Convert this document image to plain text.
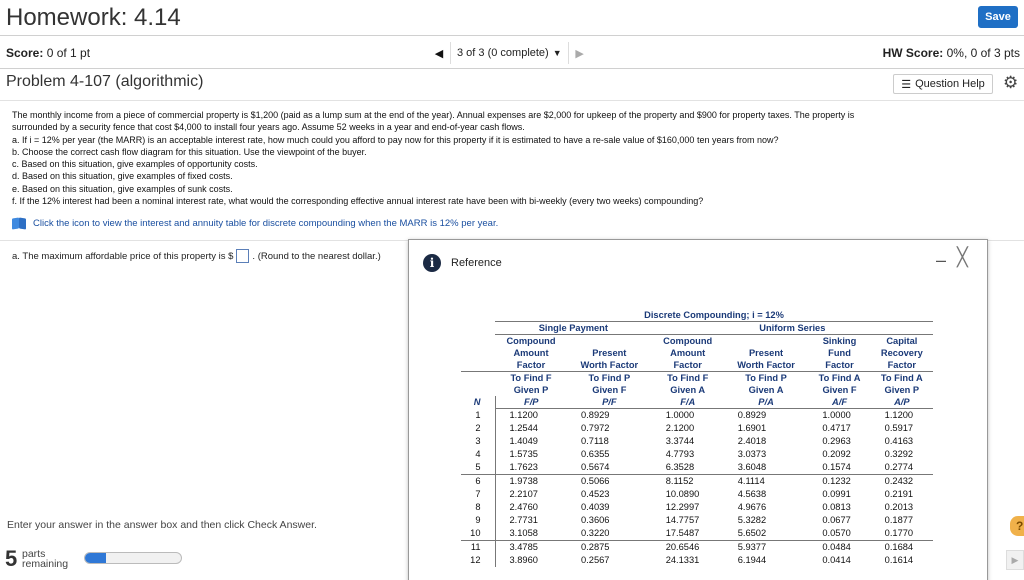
Homework: 4.14	Save
Score: 0 of 1 pt	◀	3 of 3 (0 complete) ▼	▶	HW Score: 0%, 0 of 3 pts
Problem 4-107 (algorithmic)	☰ Question Help ⚙

The monthly income from a piece of commercial property is $1,200 (paid as a lump sum at the end of the year). Annual expenses are $2,000 for upkeep of the property and $900 for property taxes. The property is

surrounded by a security fence that cost $4,000 to install four years ago. Assume 52 weeks in a year and end-of-year cash flows.

a. If i = 12% per year (the MARR) is an acceptable interest rate, how much could you afford to pay now for this property if it is estimated to have a re-sale value of $160,000 ten years from now?

b. Choose the correct cash flow diagram for this situation. Use the viewpoint of the buyer.

c. Based on this situation, give examples of opportunity costs.

d. Based on this situation, give examples of fixed costs.

e. Based on this situation, give examples of sunk costs.

f. If the 12% interest had been a nominal interest rate, what would the corresponding effective annual interest rate have been with bi-weekly (every two weeks) compounding?

Click the icon to view the interest and annuity table for discrete compounding when the MARR is 12% per year.
a. The maximum affordable price of this property is $ . (Round to the nearest dollar.)
Enter your answer in the answer box and then click Check Answer.
5 parts
remaining
?
▶
i	Reference	– ╳
	Discrete Compounding; i = 12%					
	Single Payment		Uniform Series			
	Compound		Compound		Sinking	Capital
	Amount	Present	Amount	Present	Fund	Recovery
	Factor	Worth Factor	Factor	Worth Factor	Factor	Factor
	To Find F	To Find P	To Find F	To Find P	To Find A	To Find A
	Given P	Given F	Given A	Given A	Given F	Given P
N	F/P	P/F	F/A	P/A	A/F	A/P
1	1.1200	0.8929	1.0000	0.8929	1.0000	1.1200
2	1.2544	0.7972	2.1200	1.6901	0.4717	0.5917
3	1.4049	0.7118	3.3744	2.4018	0.2963	0.4163
4	1.5735	0.6355	4.7793	3.0373	0.2092	0.3292
5	1.7623	0.5674	6.3528	3.6048	0.1574	0.2774
6	1.9738	0.5066	8.1152	4.1114	0.1232	0.2432
7	2.2107	0.4523	10.0890	4.5638	0.0991	0.2191
8	2.4760	0.4039	12.2997	4.9676	0.0813	0.2013
9	2.7731	0.3606	14.7757	5.3282	0.0677	0.1877
10	3.1058	0.3220	17.5487	5.6502	0.0570	0.1770
11	3.4785	0.2875	20.6546	5.9377	0.0484	0.1684
12	3.8960	0.2567	24.1331	6.1944	0.0414	0.1614
